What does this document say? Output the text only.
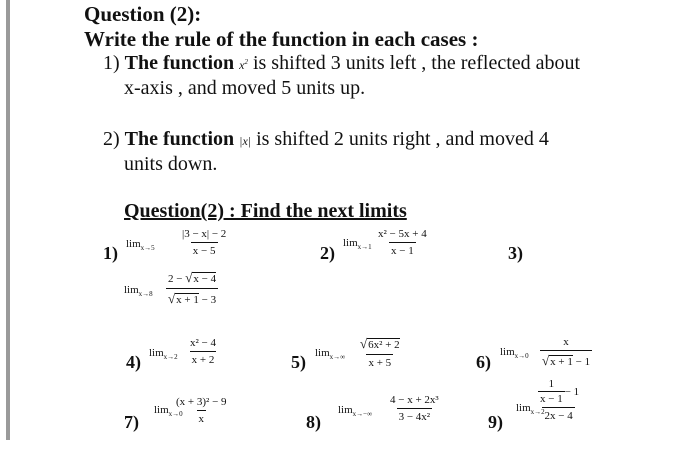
Question (2):
Write the rule of the function in each cases :
1) The function $x^2$ is shifted 3 units left , the reflected about
x-axis , and moved 5 units up.
2) The function |x| is shifted 2 units right , and moved 4
units down.
Question(2) : Find the next limits
1) $\lim_{x\to 5} \frac{|3 - x| - 2}{x - 5}$
$\lim_{x\to 8} \frac{2 - √x - 4}{√x + 1 - 3}$
2) $\lim_{x\to 1} \frac{\text{x² − 5x + 4}}{x - 1}$	3)
4) $\lim_{x\to 2} \frac{\text{x² − 4}}{x + 2}$	5) $\lim_{x\to\infty} \frac{\text{√6x² + 2}}{x + 5}$	6) $\lim_{x\to 0} \frac{x}{√x + 1 - 1}$
7)
$\lim_{x\to 0}$
$\frac{\text{(x + 3)² − 9}}{x}$	8)
$\lim_{x\to-\infty} \frac{\text{4 − x + 2x³}}{\text{3 − 4x²}}$	9)
$\lim_{x\to 2}$
1
x − 1
− 1
2x − 4
